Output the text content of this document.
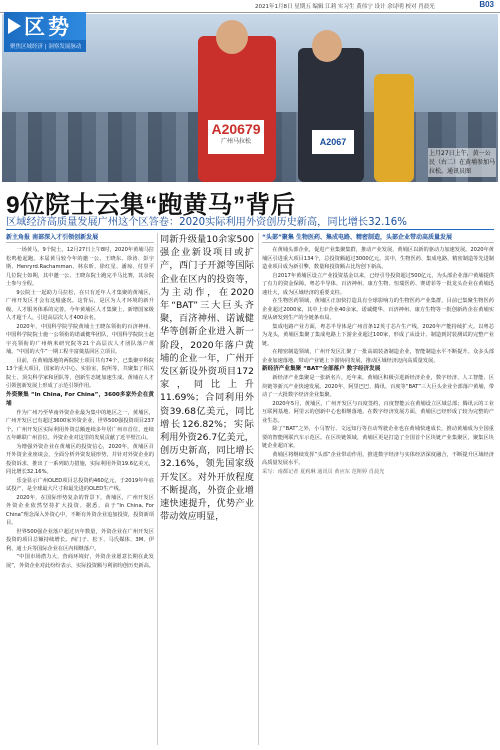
2021年1月8日 星期五 编辑 江莉 实习生 黄伟宁 设计 余诗明 校对 肖晨光	B03
A20679
广州马拉松	A2067
区势
聚焦区域经济 | 洞察发展脉动
上月27日上午，黄一公民（右二）在黄埔参加马拉松。通讯员图
9位院士云集“跑黄马”背后
区域经济高质量发展广州这个区答卷：2020实际利用外资创历史新高，同比增长32.16%
新主角报 南部深入才引领创新发展

一场黄马，9个院士。12月27日上午8时，2020年黄埔马拉松鸣枪起跑。本届黄马较今年的邀一公，王晓东、徐涛、彭宇斯、Henryrd.Rachamman、林东昕、徐红星、潘琼、付里平几位院士如期，其中邀一公、王晓东院士跑完半马比赛，其余院士参与全程。

9公院士一起助力马拉松，在只有近年人才集聚的黄埔区，广州开发区才会有这般盛况。这背后，是区为人才环境的新升级，人才服务体系的完善。今年黄埔区人才集聚上，新增国家级人才超千人，引进高层次人才400余名。

2020年，中国科学院学院黄埔士王晓东领衔的百济神州、中国科学院院士施一公领衔的诺诚健华团队，中国科学院院士赵宇亮领衔的广州纳米研究院等21个高层次人才团队落户黄埔。“中国的大牛”一期工程丰富奠基回区立项目。

目前，在黄埔落地的两院院士项目共有74个，已集聚中科院13个重大项目，国家的大中心，实验室、院所等，共聚集了相关院士、顶尖科学家和团队等，创新生态链加速生成。黄埔在人才引领创新发展上形成了示范引领作用。

外资聚集 “In China, For China”，3600多家外企在黄埔

作为广州乃至华南外资企业最为集中的地区之一，黄埔区，广州开发区已有超过3600家外资企业，世界500强投资项目237个。广州开发区实际利用外资总额连续多年居广州市首位，连续五年蝉联广州首位。外资企业对这里的发展贡献了近半壁江山。

为增强外资企业在黄埔区的投资信心，2020年，黄埔区召开外资企业座谈会，全面分析外资发展形势，并针对外资企业的投资诉求，推出了一系列助力措施，实际利用外资19.6亿美元，同比增长32.16%。

乐金显示广州OLED项目总投资约460亿元，于2019年年底试投产，是全球最大尺寸和最先进的OLED生产线。

2020年，在国际形势复杂的背景下，黄埔区，广州开发区外资企业依然坚持扩大投资。据悉，由于“In China, For China”理念深入外资心中，不断有外资企业追加投资，投资新项目。

世界500强企业落户超过历年数量，外资企业在广州开发区投资的项目总额持续增长。西门子、松下、马氏媒体、3M、伊利、通士兵等国际企业在区内相继落户。

“中国市场潜力大、营商环境好，外资企业愿意长期在此发展”，外资企业对此纷纷表示，实际投资额与利润均创历史新高。

同新升级量10余家500强企业新设项目或扩产，西门子开源等国际企业在区内的投资等，为主动作，在2020年“BAT”三大巨头齐聚，百济神州、诺诚健华等创新企业进入新一阶段，2020年落户黄埔的企业一年，广州开发区新设外资项目172家，同比上升11.69%；合同利用外资39.68亿美元，同比增长126.82%；实际利用外资26.7亿美元，创历史新高，同比增长32.16%，领先国家级开发区。对外开放程度不断提高，外资企业增速快速提升，优势产业带动效应明显，

“头部”聚集 生物医药、集成电路、精密制造，头部企业带动高质量发展

在黄埔头部企业，促进产业集聚集群，推动产业发展，黄埔区以新的驱动力加速发展。2020年黄埔区引进重大项目134个，总投资额超过3000亿元。其中，生物医药、集成电路、精密制造等先进制造业项目成为新引擎，数量和投资额占比均创下新高。

自2017年黄埔区设立产业投资基金以来，已经引导投资超过500亿元，为头部企业落户黄埔提供了有力的资金保障。粤芯半导体、百济神州、康方生物、恒瑞医药、赛诺菲等一批龙头企业在黄埔迅速壮大，成为区域经济的重要支柱。

在生物医药领域，黄埔区正加快打造具有全球影响力的生物医药产业集群，目前已集聚生物医药企业超过2000家，其中上市企业40余家。诺诚健华、百济神州、康方生物等一批创新药企在黄埔实现从研发到生产的全链条布局。

集成电路产业方面，粤芯半导体是广州首条12英寸芯片生产线，2020年产能持续扩大。以粤芯为龙头，黄埔区集聚了集成电路上下游企业超过100家，形成了从设计、制造到封装测试的完整产业链。

在精密制造领域，广州开发区汇聚了一批高端装备制造企业，智能制造水平不断提升。众多头部企业加速落地，带动产业链上下游协同发展，推动区域经济迈向高质量发展。

新经济产业集聚 “BAT”全部落户 数字经济发展

新经济产业集聚是一张新名片。近年来，黄埔区积极引进新经济企业，数字经济、人工智能、区块链等新兴产业快速发展。2020年，阿里巴巴、腾讯、百度等“BAT”三大巨头企业全部落户黄埔，带动了一大批数字经济企业集聚。

2020年5月，黄埔区，广州开发区与百度签约，百度智能云在黄埔设立区域总部；腾讯云的工业互联网基地、阿里云的创新中心也相继落地。在数字经济发展方面，黄埔区已经形成了较为完整的产业生态。

除了“BAT”之外，小马智行、文远知行等自动驾驶企业也在黄埔快速成长，推动黄埔成为全国重要的智能网联汽车示范区。在区块链领域，黄埔区更是打造了全国首个区块链产业集聚区，聚集区块链企业超百家。

黄埔区将继续发挥“头部”企业带动作用，推进数字经济与实体经济深度融合，不断提升区域经济高质量发展水平。

采写：南都记者 夏莉琳 通讯员 黄应东 范斯婷 肖晨光
